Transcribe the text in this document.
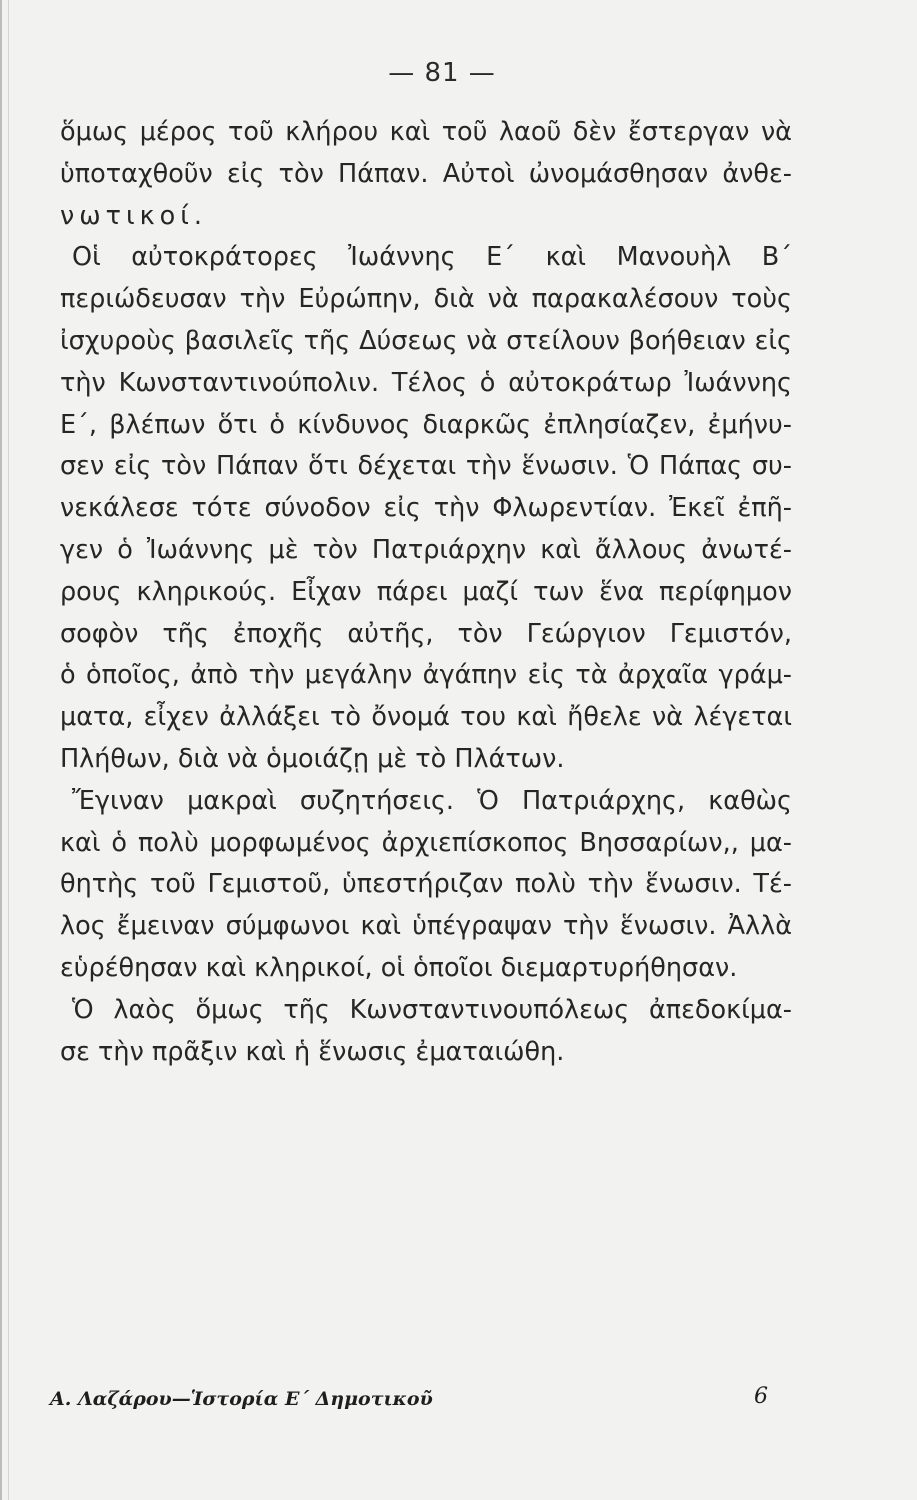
— 81 —
ὅμως μέρος τοῦ κλήρου καὶ τοῦ λαοῦ δὲν ἔστεργαν νὰ
ὑποταχθοῦν εἰς τὸν Πάπαν. Αὐτοὶ ὠνομάσθησαν ἀνθε-
νωτικοί.
Οἱ αὐτοκράτορες Ἰωάννης Ε΄ καὶ Μανουὴλ Β΄
περιώδευσαν τὴν Εὐρώπην, διὰ νὰ παρακαλέσουν τοὺς
ἰσχυροὺς βασιλεῖς τῆς Δύσεως νὰ στείλουν βοήθειαν εἰς
τὴν Κωνσταντινούπολιν. Τέλος ὁ αὐτοκράτωρ Ἰωάννης
Ε΄, βλέπων ὅτι ὁ κίνδυνος διαρκῶς ἐπλησίαζεν, ἐμήνυ-
σεν εἰς τὸν Πάπαν ὅτι δέχεται τὴν ἕνωσιν. Ὁ Πάπας συ-
νεκάλεσε τότε σύνοδον εἰς τὴν Φλωρεντίαν. Ἐκεῖ ἐπῆ-
γεν ὁ Ἰωάννης μὲ τὸν Πατριάρχην καὶ ἄλλους ἀνωτέ-
ρους κληρικούς. Εἶχαν πάρει μαζί των ἕνα περίφημον
σοφὸν τῆς ἐποχῆς αὐτῆς, τὸν Γεώργιον Γεμιστόν,
ὁ ὁποῖος, ἀπὸ τὴν μεγάλην ἀγάπην εἰς τὰ ἀρχαῖα γράμ-
ματα, εἶχεν ἀλλάξει τὸ ὄνομά του καὶ ἤθελε νὰ λέγεται
Πλήθων, διὰ νὰ ὁμοιάζῃ μὲ τὸ Πλάτων.
Ἔγιναν μακραὶ συζητήσεις. Ὁ Πατριάρχης, καθὼς
καὶ ὁ πολὺ μορφωμένος ἀρχιεπίσκοπος Βησσαρίων,, μα-
θητὴς τοῦ Γεμιστοῦ, ὑπεστήριζαν πολὺ τὴν ἕνωσιν. Τέ-
λος ἔμειναν σύμφωνοι καὶ ὑπέγραψαν τὴν ἕνωσιν. Ἀλλὰ
εὑρέθησαν καὶ κληρικοί, οἱ ὁποῖοι διεμαρτυρήθησαν.
Ὁ λαὸς ὅμως τῆς Κωνσταντινουπόλεως ἀπεδοκίμα-
σε τὴν πρᾶξιν καὶ ἡ ἕνωσις ἐματαιώθη.
Α. Λαζάρου—Ἱστορία Ε΄ Δημοτικοῦ	6
